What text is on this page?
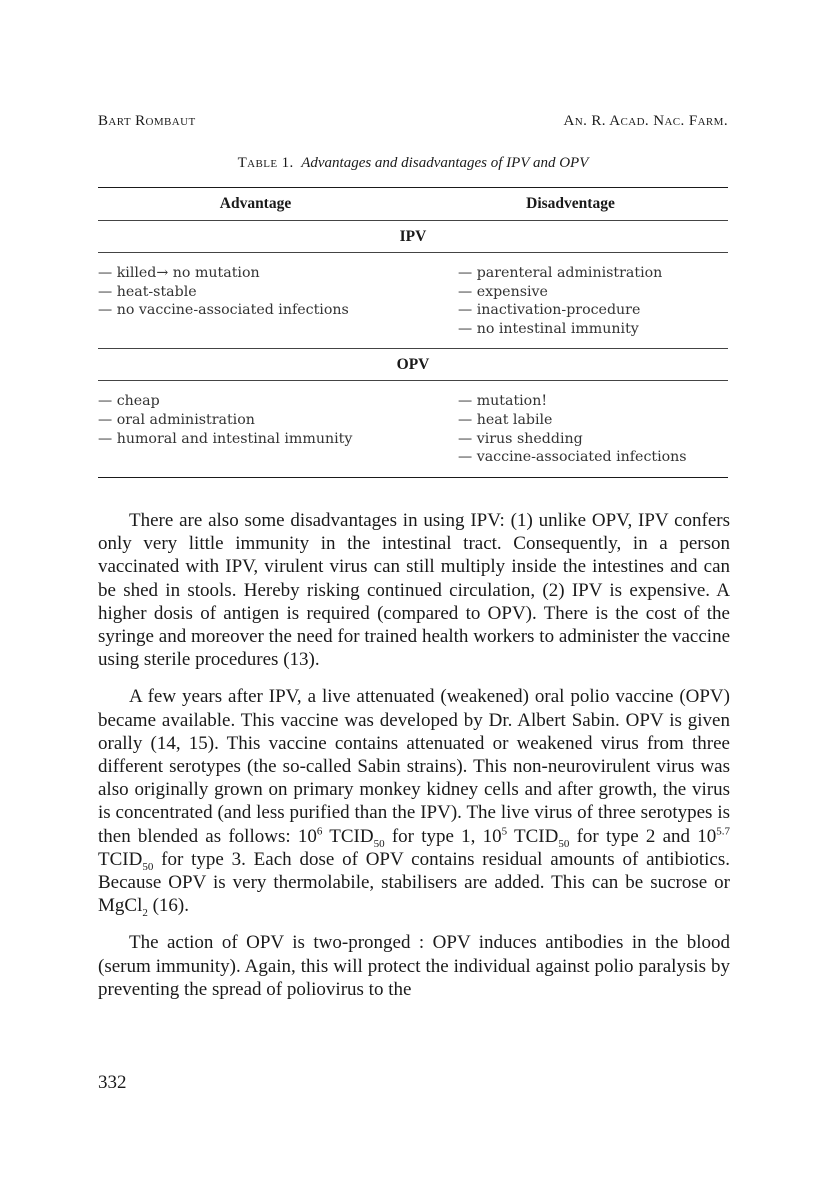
Bart Rombaut	An. R. Acad. Nac. Farm.
Table 1. Advantages and disadvantages of IPV and OPV
Advantage	Disadventage
IPV
— killed→ no mutation
— heat-stable
— no vaccine-associated infections
— parenteral administration
— expensive
— inactivation-procedure
— no intestinal immunity
OPV
— cheap
— oral administration
— humoral and intestinal immunity
— mutation!
— heat labile
— virus shedding
— vaccine-associated infections

There are also some disadvantages in using IPV: (1) unlike OPV, IPV confers only very little immunity in the intestinal tract. Consequently, in a person vaccinated with IPV, virulent virus can still multiply inside the intestines and can be shed in stools. Hereby risking continued circulation, (2) IPV is expensive. A higher dosis of antigen is required (compared to OPV). There is the cost of the syringe and moreover the need for trained health workers to administer the vaccine using sterile procedures (13).

A few years after IPV, a live attenuated (weakened) oral polio vaccine (OPV) became available. This vaccine was developed by Dr. Albert Sabin. OPV is given orally (14, 15). This vaccine contains attenuated or weakened virus from three different serotypes (the so-called Sabin strains). This non-neurovirulent virus was also originally grown on primary monkey kidney cells and after growth, the virus is concentrated (and less purified than the IPV). The live virus of three serotypes is then blended as follows: $10^6$ $TCID_{50}$ for type 1, $10^5$ $TCID_{50}$ for type 2 and $10^{5.7}$ $TCID_{50}$ for type 3. Each dose of OPV contains residual amounts of antibiotics. Because OPV is very thermolabile, stabilisers are added. This can be sucrose or MgCl$_2$ (16).

The action of OPV is two-pronged : OPV induces antibodies in the blood (serum immunity). Again, this will protect the individual against polio paralysis by preventing the spread of poliovirus to the

332
